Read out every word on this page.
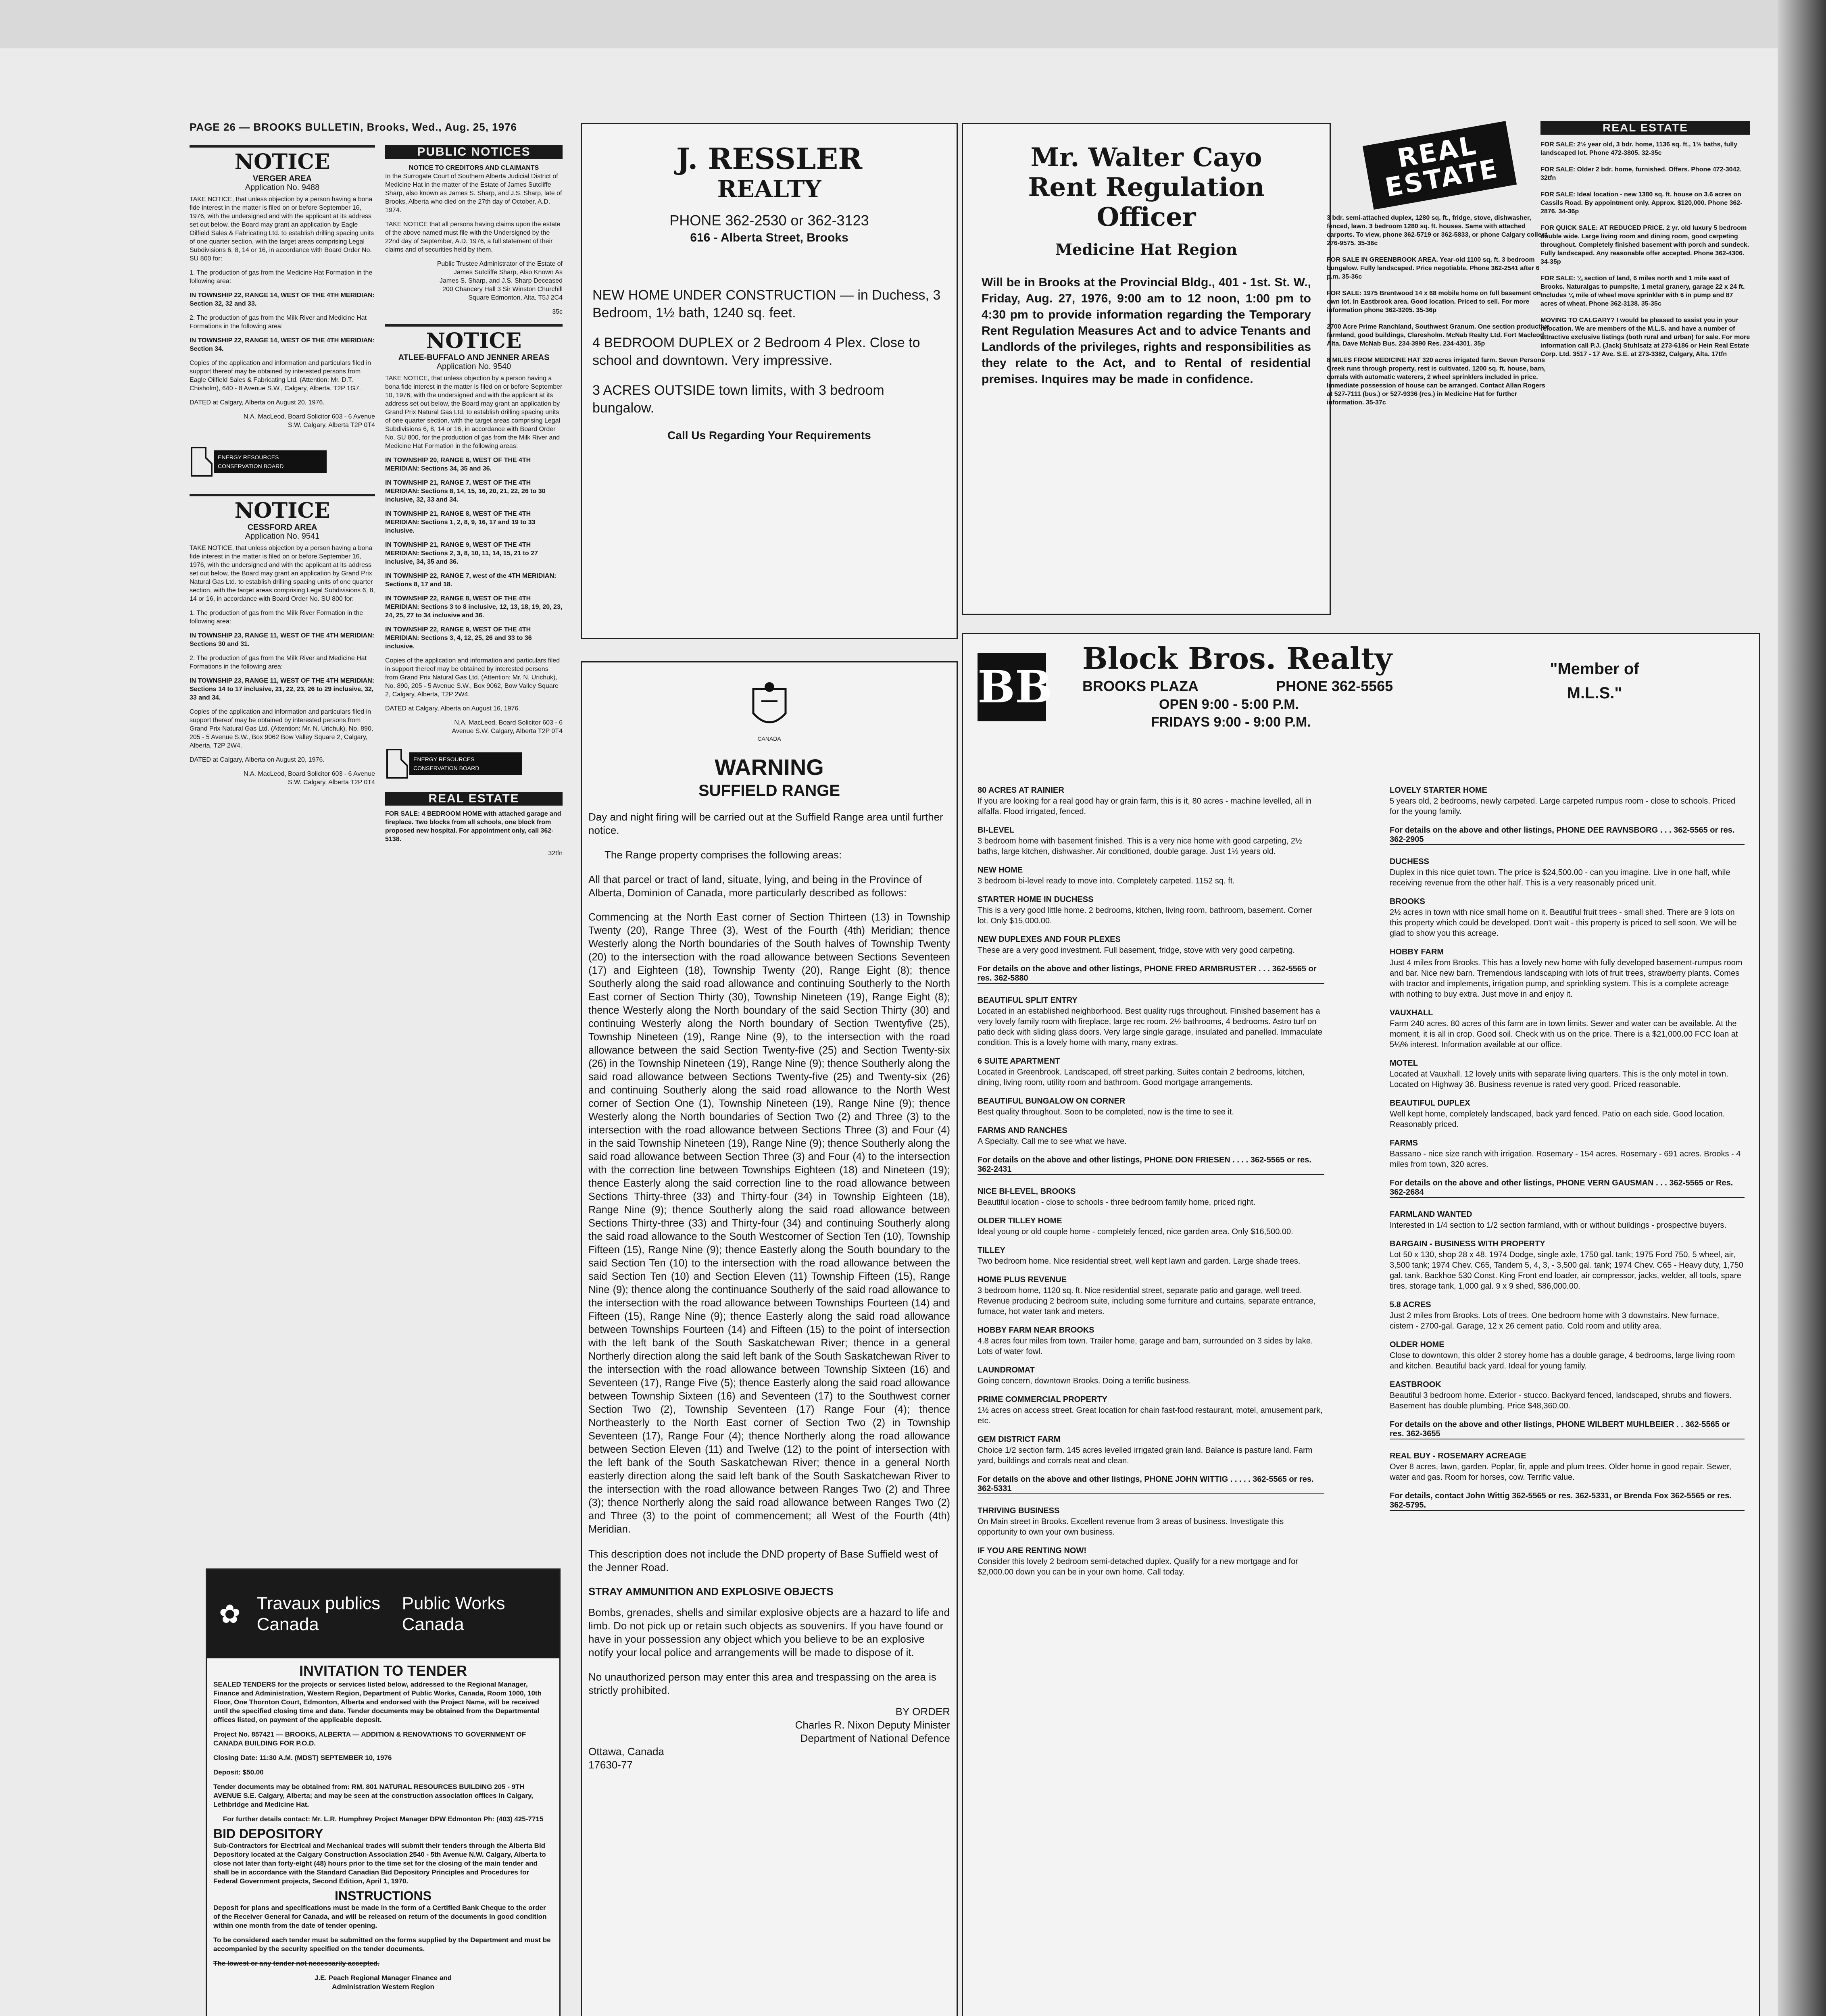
PAGE 26 — BROOKS BULLETIN, Brooks, Wed., Aug. 25, 1976
NOTICE
VERGER AREA
Application No. 9488

TAKE NOTICE, that unless objection by a person having a bona fide interest in the matter is filed on or before September 16, 1976, with the undersigned and with the applicant at its address set out below, the Board may grant an application by Eagle Oilfield Sales & Fabricating Ltd. to establish drilling spacing units of one quarter section, with the target areas comprising Legal Subdivisions 6, 8, 14 or 16, in accordance with Board Order No. SU 800 for:

1. The production of gas from the Medicine Hat Formation in the following area:

IN TOWNSHIP 22, RANGE 14, WEST OF THE 4TH MERIDIAN: Section 32, 32 and 33.

2. The production of gas from the Milk River and Medicine Hat Formations in the following area:

IN TOWNSHIP 22, RANGE 14, WEST OF THE 4TH MERIDIAN: Section 34.

Copies of the application and information and particulars filed in support thereof may be obtained by interested persons from Eagle Oilfield Sales & Fabricating Ltd. (Attention: Mr. D.T. Chisholm), 640 - 8 Avenue S.W., Calgary, Alberta, T2P 1G7.

DATED at Calgary, Alberta on August 20, 1976.

N.A. MacLeod, Board Solicitor 603 - 6 Avenue S.W. Calgary, Alberta T2P 0T4

ENERGY RESOURCES CONSERVATION BOARD
NOTICE
CESSFORD AREA
Application No. 9541

TAKE NOTICE, that unless objection by a person having a bona fide interest in the matter is filed on or before September 16, 1976, with the undersigned and with the applicant at its address set out below, the Board may grant an application by Grand Prix Natural Gas Ltd. to establish drilling spacing units of one quarter section, with the target areas comprising Legal Subdivisions 6, 8, 14 or 16, in accordance with Board Order No. SU 800 for:

1. The production of gas from the Milk River Formation in the following area:

IN TOWNSHIP 23, RANGE 11, WEST OF THE 4TH MERIDIAN: Sections 30 and 31.

2. The production of gas from the Milk River and Medicine Hat Formations in the following area:

IN TOWNSHIP 23, RANGE 11, WEST OF THE 4TH MERIDIAN: Sections 14 to 17 inclusive, 21, 22, 23, 26 to 29 inclusive, 32, 33 and 34.

Copies of the application and information and particulars filed in support thereof may be obtained by interested persons from Grand Prix Natural Gas Ltd. (Attention: Mr. N. Urichuk), No. 890, 205 - 5 Avenue S.W., Box 9062 Bow Valley Square 2, Calgary, Alberta, T2P 2W4.

DATED at Calgary, Alberta on August 20, 1976.

N.A. MacLeod, Board Solicitor 603 - 6 Avenue S.W. Calgary, Alberta T2P 0T4

PUBLIC NOTICES
NOTICE TO CREDITORS AND CLAIMANTS

In the Surrogate Court of Southern Alberta Judicial District of Medicine Hat in the matter of the Estate of James Sutcliffe Sharp, also known as James S. Sharp, and J.S. Sharp, late of Brooks, Alberta who died on the 27th day of October, A.D. 1974.

TAKE NOTICE that all persons having claims upon the estate of the above named must file with the Undersigned by the 22nd day of September, A.D. 1976, a full statement of their claims and of securities held by them.

Public Trustee Administrator of the Estate of James Sutcliffe Sharp, Also Known As James S. Sharp, and J.S. Sharp Deceased 200 Chancery Hall 3 Sir Winston Churchill Square Edmonton, Alta. T5J 2C4

35c
NOTICE
ATLEE-BUFFALO AND JENNER AREAS
Application No. 9540

TAKE NOTICE, that unless objection by a person having a bona fide interest in the matter is filed on or before September 10, 1976, with the undersigned and with the applicant at its address set out below, the Board may grant an application by Grand Prix Natural Gas Ltd. to establish drilling spacing units of one quarter section, with the target areas comprising Legal Subdivisions 6, 8, 14 or 16, in accordance with Board Order No. SU 800, for the production of gas from the Milk River and Medicine Hat Formation in the following areas:

IN TOWNSHIP 20, RANGE 8, WEST OF THE 4TH MERIDIAN: Sections 34, 35 and 36.

IN TOWNSHIP 21, RANGE 7, WEST OF THE 4TH MERIDIAN: Sections 8, 14, 15, 16, 20, 21, 22, 26 to 30 inclusive, 32, 33 and 34.

IN TOWNSHIP 21, RANGE 8, WEST OF THE 4TH MERIDIAN: Sections 1, 2, 8, 9, 16, 17 and 19 to 33 inclusive.

IN TOWNSHIP 21, RANGE 9, WEST OF THE 4TH MERIDIAN: Sections 2, 3, 8, 10, 11, 14, 15, 21 to 27 inclusive, 34, 35 and 36.

IN TOWNSHIP 22, RANGE 7, west of the 4TH MERIDIAN: Sections 8, 17 and 18.

IN TOWNSHIP 22, RANGE 8, WEST OF THE 4TH MERIDIAN: Sections 3 to 8 inclusive, 12, 13, 18, 19, 20, 23, 24, 25, 27 to 34 inclusive and 36.

IN TOWNSHIP 22, RANGE 9, WEST OF THE 4TH MERIDIAN: Sections 3, 4, 12, 25, 26 and 33 to 36 inclusive.

Copies of the application and information and particulars filed in support thereof may be obtained by interested persons from Grand Prix Natural Gas Ltd. (Attention: Mr. N. Urichuk), No. 890, 205 - 5 Avenue S.W., Box 9062, Bow Valley Square 2, Calgary, Alberta, T2P 2W4.

DATED at Calgary, Alberta on August 16, 1976.

N.A. MacLeod, Board Solicitor 603 - 6 Avenue S.W. Calgary, Alberta T2P 0T4

ENERGY RESOURCES CONSERVATION BOARD
REAL ESTATE

FOR SALE: 4 BEDROOM HOME with attached garage and fireplace. Two blocks from all schools, one block from proposed new hospital. For appointment only, call 362-5138.

32tfn
✿ Travaux publics Canada
Public Works Canada
INVITATION TO TENDER

SEALED TENDERS for the projects or services listed below, addressed to the Regional Manager, Finance and Administration, Western Region, Department of Public Works, Canada, Room 1000, 10th Floor, One Thornton Court, Edmonton, Alberta and endorsed with the Project Name, will be received until the specified closing time and date. Tender documents may be obtained from the Departmental offices listed, on payment of the applicable deposit.

Project No. 857421 — BROOKS, ALBERTA — ADDITION & RENOVATIONS TO GOVERNMENT OF CANADA BUILDING FOR P.O.D.

Closing Date: 11:30 A.M. (MDST) SEPTEMBER 10, 1976

Deposit: $50.00

Tender documents may be obtained from: RM. 801 NATURAL RESOURCES BUILDING 205 - 9TH AVENUE S.E. Calgary, Alberta; and may be seen at the construction association offices in Calgary, Lethbridge and Medicine Hat.

For further details contact: Mr. L.R. Humphrey Project Manager DPW Edmonton Ph: (403) 425-7715

BID DEPOSITORY

Sub-Contractors for Electrical and Mechanical trades will submit their tenders through the Alberta Bid Depository located at the Calgary Construction Association 2540 - 5th Avenue N.W. Calgary, Alberta to close not later than forty-eight (48) hours prior to the time set for the closing of the main tender and shall be in accordance with the Standard Canadian Bid Depository Principles and Procedures for Federal Government projects, Second Edition, April 1, 1970.

INSTRUCTIONS

Deposit for plans and specifications must be made in the form of a Certified Bank Cheque to the order of the Receiver General for Canada, and will be released on return of the documents in good condition within one month from the date of tender opening.

To be considered each tender must be submitted on the forms supplied by the Department and must be accompanied by the security specified on the tender documents.

The lowest or any tender not necessarily accepted.

J.E. Peach Regional Manager Finance and Administration Western Region

J. RESSLER
REALTY
PHONE 362-2530 or 362-3123
616 - Alberta Street, Brooks

NEW HOME UNDER CONSTRUCTION — in Duchess, 3 Bedroom, 1½ bath, 1240 sq. feet.

4 BEDROOM DUPLEX or 2 Bedroom 4 Plex. Close to school and downtown. Very impressive.

3 ACRES OUTSIDE town limits, with 3 bedroom bungalow.

Call Us Regarding Your Requirements
Mr. Walter Cayo
Rent Regulation
Officer
Medicine Hat Region

Will be in Brooks at the Provincial Bldg., 401 - 1st. St. W., Friday, Aug. 27, 1976, 9:00 am to 12 noon, 1:00 pm to 4:30 pm to provide information regarding the Temporary Rent Regulation Measures Act and to advice Tenants and Landlords of the privileges, rights and responsibilities as they relate to the Act, and to Rental of residential premises. Inquires may be made in confidence.

CANADA
WARNING
SUFFIELD RANGE

Day and night firing will be carried out at the Suffield Range area until further notice.

The Range property comprises the following areas:

All that parcel or tract of land, situate, lying, and being in the Province of Alberta, Dominion of Canada, more particularly described as follows:

Commencing at the North East corner of Section Thirteen (13) in Township Twenty (20), Range Three (3), West of the Fourth (4th) Meridian; thence Westerly along the North boundaries of the South halves of Township Twenty (20) to the intersection with the road allowance between Sections Seventeen (17) and Eighteen (18), Township Twenty (20), Range Eight (8); thence Southerly along the said road allowance and continuing Southerly to the North East corner of Section Thirty (30), Township Nineteen (19), Range Eight (8); thence Westerly along the North boundary of the said Section Thirty (30) and continuing Westerly along the North boundary of Section Twentyfive (25), Township Nineteen (19), Range Nine (9), to the intersection with the road allowance between the said Section Twenty-five (25) and Section Twenty-six (26) in the Township Nineteen (19), Range Nine (9); thence Southerly along the said road allowance between Sections Twenty-five (25) and Twenty-six (26) and continuing Southerly along the said road allowance to the North West corner of Section One (1), Township Nineteen (19), Range Nine (9); thence Westerly along the North boundaries of Section Two (2) and Three (3) to the intersection with the road allowance between Sections Three (3) and Four (4) in the said Township Nineteen (19), Range Nine (9); thence Southerly along the said road allowance between Section Three (3) and Four (4) to the intersection with the correction line between Townships Eighteen (18) and Nineteen (19); thence Easterly along the said correction line to the road allowance between Sections Thirty-three (33) and Thirty-four (34) in Township Eighteen (18), Range Nine (9); thence Southerly along the said road allowance between Sections Thirty-three (33) and Thirty-four (34) and continuing Southerly along the said road allowance to the South Westcorner of Section Ten (10), Township Fifteen (15), Range Nine (9); thence Easterly along the South boundary to the said Section Ten (10) to the intersection with the road allowance between the said Section Ten (10) and Section Eleven (11) Township Fifteen (15), Range Nine (9); thence along the continuance Southerly of the said road allowance to the intersection with the road allowance between Townships Fourteen (14) and Fifteen (15), Range Nine (9); thence Easterly along the said road allowance between Townships Fourteen (14) and Fifteen (15) to the point of intersection with the left bank of the South Saskatchewan River; thence in a general Northerly direction along the said left bank of the South Saskatchewan River to the intersection with the road allowance between Township Sixteen (16) and Seventeen (17), Range Five (5); thence Easterly along the said road allowance between Township Sixteen (16) and Seventeen (17) to the Southwest corner Section Two (2), Township Seventeen (17) Range Four (4); thence Northeasterly to the North East corner of Section Two (2) in Township Seventeen (17), Range Four (4); thence Northerly along the road allowance between Section Eleven (11) and Twelve (12) to the point of intersection with the left bank of the South Saskatchewan River; thence in a general North easterly direction along the said left bank of the South Saskatchewan River to the intersection with the road allowance between Ranges Two (2) and Three (3); thence Northerly along the said road allowance between Ranges Two (2) and Three (3) to the point of commencement; all West of the Fourth (4th) Meridian.

This description does not include the DND property of Base Suffield west of the Jenner Road.

STRAY AMMUNITION AND EXPLOSIVE OBJECTS

Bombs, grenades, shells and similar explosive objects are a hazard to life and limb. Do not pick up or retain such objects as souvenirs. If you have found or have in your possession any object which you believe to be an explosive notify your local police and arrangements will be made to dispose of it.

No unauthorized person may enter this area and trespassing on the area is strictly prohibited.

BY ORDER
Charles R. Nixon Deputy Minister Department of National Defence
Ottawa, Canada
17630-77
BB
Block Bros. Realty
BROOKS PLAZA	PHONE 362-5565
OPEN 9:00 - 5:00 P.M.
FRIDAYS 9:00 - 9:00 P.M.
"Member of M.L.S."
80 ACRES AT RAINIER

If you are looking for a real good hay or grain farm, this is it, 80 acres - machine levelled, all in alfalfa. Flood irrigated, fenced.

BI-LEVEL

3 bedroom home with basement finished. This is a very nice home with good carpeting, 2½ baths, large kitchen, dishwasher. Air conditioned, double garage. Just 1½ years old.

NEW HOME

3 bedroom bi-level ready to move into. Completely carpeted. 1152 sq. ft.

STARTER HOME IN DUCHESS

This is a very good little home. 2 bedrooms, kitchen, living room, bathroom, basement. Corner lot. Only $15,000.00.

NEW DUPLEXES AND FOUR PLEXES

These are a very good investment. Full basement, fridge, stove with very good carpeting.

For details on the above and other listings, PHONE FRED ARMBRUSTER . . . 362-5565 or res. 362-5880
BEAUTIFUL SPLIT ENTRY

Located in an established neighborhood. Best quality rugs throughout. Finished basement has a very lovely family room with fireplace, large rec room. 2½ bathrooms, 4 bedrooms. Astro turf on patio deck with sliding glass doors. Very large single garage, insulated and panelled. Immaculate condition. This is a lovely home with many, many extras.

6 SUITE APARTMENT

Located in Greenbrook. Landscaped, off street parking. Suites contain 2 bedrooms, kitchen, dining, living room, utility room and bathroom. Good mortgage arrangements.

BEAUTIFUL BUNGALOW ON CORNER

Best quality throughout. Soon to be completed, now is the time to see it.

FARMS AND RANCHES

A Specialty. Call me to see what we have.

For details on the above and other listings, PHONE DON FRIESEN . . . . 362-5565 or res. 362-2431
NICE BI-LEVEL, BROOKS

Beautiful location - close to schools - three bedroom family home, priced right.

OLDER TILLEY HOME

Ideal young or old couple home - completely fenced, nice garden area. Only $16,500.00.

TILLEY

Two bedroom home. Nice residential street, well kept lawn and garden. Large shade trees.

HOME PLUS REVENUE

3 bedroom home, 1120 sq. ft. Nice residential street, separate patio and garage, well treed. Revenue producing 2 bedroom suite, including some furniture and curtains, separate entrance, furnace, hot water tank and meters.

HOBBY FARM NEAR BROOKS

4.8 acres four miles from town. Trailer home, garage and barn, surrounded on 3 sides by lake. Lots of water fowl.

LAUNDROMAT

Going concern, downtown Brooks. Doing a terrific business.

PRIME COMMERCIAL PROPERTY

1½ acres on access street. Great location for chain fast-food restaurant, motel, amusement park, etc.

GEM DISTRICT FARM

Choice 1/2 section farm. 145 acres levelled irrigated grain land. Balance is pasture land. Farm yard, buildings and corrals neat and clean.

For details on the above and other listings, PHONE JOHN WITTIG . . . . . 362-5565 or res. 362-5331
THRIVING BUSINESS

On Main street in Brooks. Excellent revenue from 3 areas of business. Investigate this opportunity to own your own business.

IF YOU ARE RENTING NOW!

Consider this lovely 2 bedroom semi-detached duplex. Qualify for a new mortgage and for $2,000.00 down you can be in your own home. Call today.

LOVELY STARTER HOME

5 years old, 2 bedrooms, newly carpeted. Large carpeted rumpus room - close to schools. Priced for the young family.

For details on the above and other listings, PHONE DEE RAVNSBORG . . . 362-5565 or res. 362-2905
DUCHESS

Duplex in this nice quiet town. The price is $24,500.00 - can you imagine. Live in one half, while receiving revenue from the other half. This is a very reasonably priced unit.

BROOKS

2½ acres in town with nice small home on it. Beautiful fruit trees - small shed. There are 9 lots on this property which could be developed. Don't wait - this property is priced to sell soon. We will be glad to show you this acreage.

HOBBY FARM

Just 4 miles from Brooks. This has a lovely new home with fully developed basement-rumpus room and bar. Nice new barn. Tremendous landscaping with lots of fruit trees, strawberry plants. Comes with tractor and implements, irrigation pump, and sprinkling system. This is a complete acreage with nothing to buy extra. Just move in and enjoy it.

VAUXHALL

Farm 240 acres. 80 acres of this farm are in town limits. Sewer and water can be available. At the moment, it is all in crop. Good soil. Check with us on the price. There is a $21,000.00 FCC loan at 5¼% interest. Information available at our office.

MOTEL

Located at Vauxhall. 12 lovely units with separate living quarters. This is the only motel in town. Located on Highway 36. Business revenue is rated very good. Priced reasonable.

BEAUTIFUL DUPLEX

Well kept home, completely landscaped, back yard fenced. Patio on each side. Good location. Reasonably priced.

FARMS

Bassano - nice size ranch with irrigation. Rosemary - 154 acres. Rosemary - 691 acres. Brooks - 4 miles from town, 320 acres.

For details on the above and other listings, PHONE VERN GAUSMAN . . . 362-5565 or Res. 362-2684
FARMLAND WANTED

Interested in 1/4 section to 1/2 section farmland, with or without buildings - prospective buyers.

BARGAIN - BUSINESS WITH PROPERTY

Lot 50 x 130, shop 28 x 48. 1974 Dodge, single axle, 1750 gal. tank; 1975 Ford 750, 5 wheel, air, 3,500 tank; 1974 Chev. C65, Tandem 5, 4, 3, - 3,500 gal. tank; 1974 Chev. C65 - Heavy duty, 1,750 gal. tank. Backhoe 530 Const. King Front end loader, air compressor, jacks, welder, all tools, spare tires, storage tank, 1,000 gal. 9 x 9 shed, $86,000.00.

5.8 ACRES

Just 2 miles from Brooks. Lots of trees. One bedroom home with 3 downstairs. New furnace, cistern - 2700-gal. Garage, 12 x 26 cement patio. Cold room and utility area.

OLDER HOME

Close to downtown, this older 2 storey home has a double garage, 4 bedrooms, large living room and kitchen. Beautiful back yard. Ideal for young family.

EASTBROOK

Beautiful 3 bedroom home. Exterior - stucco. Backyard fenced, landscaped, shrubs and flowers. Basement has double plumbing. Price $48,360.00.

For details on the above and other listings, PHONE WILBERT MUHLBEIER . . 362-5565 or res. 362-3655
REAL BUY - ROSEMARY ACREAGE

Over 8 acres, lawn, garden. Poplar, fir, apple and plum trees. Older home in good repair. Sewer, water and gas. Room for horses, cow. Terrific value.

For details, contact John Wittig 362-5565 or res. 362-5331, or Brenda Fox 362-5565 or res. 362-5795.
REAL ESTATE

3 bdr. semi-attached duplex, 1280 sq. ft., fridge, stove, dishwasher, fenced, lawn. 3 bedroom 1280 sq. ft. houses. Same with attached carports. To view, phone 362-5719 or 362-5833, or phone Calgary collect 276-9575. 35-36c

FOR SALE IN GREENBROOK AREA. Year-old 1100 sq. ft. 3 bedroom bungalow. Fully landscaped. Price negotiable. Phone 362-2541 after 6 p.m. 35-36c

FOR SALE: 1975 Brentwood 14 x 68 mobile home on full basement on own lot. In Eastbrook area. Good location. Priced to sell. For more information phone 362-3205. 35-36p

2700 Acre Prime Ranchland, Southwest Granum. One section productive farmland, good buildings, Claresholm. McNab Realty Ltd. Fort Macleod, Alta. Dave McNab Bus. 234-3990 Res. 234-4301. 35p

8 MILES FROM MEDICINE HAT 320 acres irrigated farm. Seven Persons Creek runs through property, rest is cultivated. 1200 sq. ft. house, barn, corrals with automatic waterers, 2 wheel sprinklers included in price. Immediate possession of house can be arranged. Contact Allan Rogers at 527-7111 (bus.) or 527-9336 (res.) in Medicine Hat for further information. 35-37c

REAL ESTATE

FOR SALE: 2½ year old, 3 bdr. home, 1136 sq. ft., 1½ baths, fully landscaped lot. Phone 472-3805. 32-35c

FOR SALE: Older 2 bdr. home, furnished. Offers. Phone 472-3042. 32tfn

FOR SALE: Ideal location - new 1380 sq. ft. house on 3.6 acres on Cassils Road. By appointment only. Approx. $120,000. Phone 362-2876. 34-36p

FOR QUICK SALE: AT REDUCED PRICE. 2 yr. old luxury 5 bedroom double wide. Large living room and dining room, good carpeting throughout. Completely finished basement with porch and sundeck. Fully landscaped. Any reasonable offer accepted. Phone 362-4306. 34-35p

FOR SALE: ¼ section of land, 6 miles north and 1 mile east of Brooks. Naturalgas to pumpsite, 1 metal granery, garage 22 x 24 ft. Includes ¼ mile of wheel move sprinkler with 6 in pump and 87 acres of wheat. Phone 362-3138. 35-35c

MOVING TO CALGARY? I would be pleased to assist you in your relocation. We are members of the M.L.S. and have a number of attractive exclusive listings (both rural and urban) for sale. For more information call P.J. (Jack) Stuhlsatz at 273-6186 or Hein Real Estate Corp. Ltd. 3517 - 17 Ave. S.E. at 273-3382, Calgary, Alta. 17tfn
